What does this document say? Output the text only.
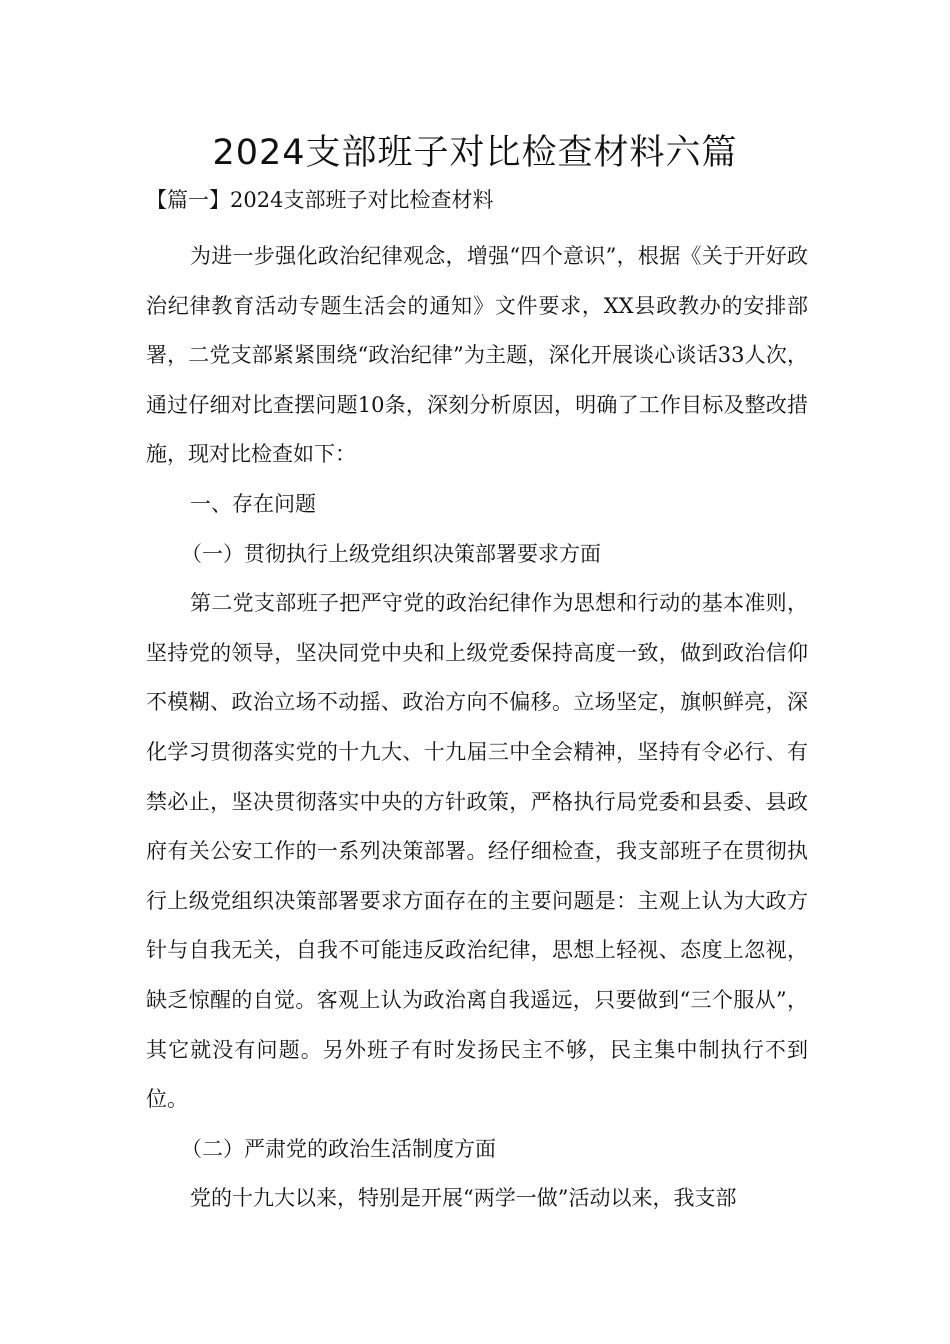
2024支部班子对比检查材料六篇

【篇一】2024支部班子对比检查材料

为进一步强化政治纪律观念，增强“四个意识”，根据《关于开好政治纪律教育活动专题生活会的通知》文件要求，XX县政教办的安排部署，二党支部紧紧围绕“政治纪律”为主题，深化开展谈心谈话33人次，通过仔细对比查摆问题10条，深刻分析原因，明确了工作目标及整改措施，现对比检查如下：

一、存在问题

（一）贯彻执行上级党组织决策部署要求方面

第二党支部班子把严守党的政治纪律作为思想和行动的基本准则，坚持党的领导，坚决同党中央和上级党委保持高度一致，做到政治信仰不模糊、政治立场不动摇、政治方向不偏移。立场坚定，旗帜鲜亮，深化学习贯彻落实党的十九大、十九届三中全会精神，坚持有令必行、有禁必止，坚决贯彻落实中央的方针政策，严格执行局党委和县委、县政府有关公安工作的一系列决策部署。经仔细检查，我支部班子在贯彻执行上级党组织决策部署要求方面存在的主要问题是：主观上认为大政方针与自我无关，自我不可能违反政治纪律，思想上轻视、态度上忽视，缺乏惊醒的自觉。客观上认为政治离自我遥远，只要做到“三个服从”，其它就没有问题。另外班子有时发扬民主不够，民主集中制执行不到位。

（二）严肃党的政治生活制度方面

党的十九大以来，特别是开展“两学一做”活动以来，我支部
